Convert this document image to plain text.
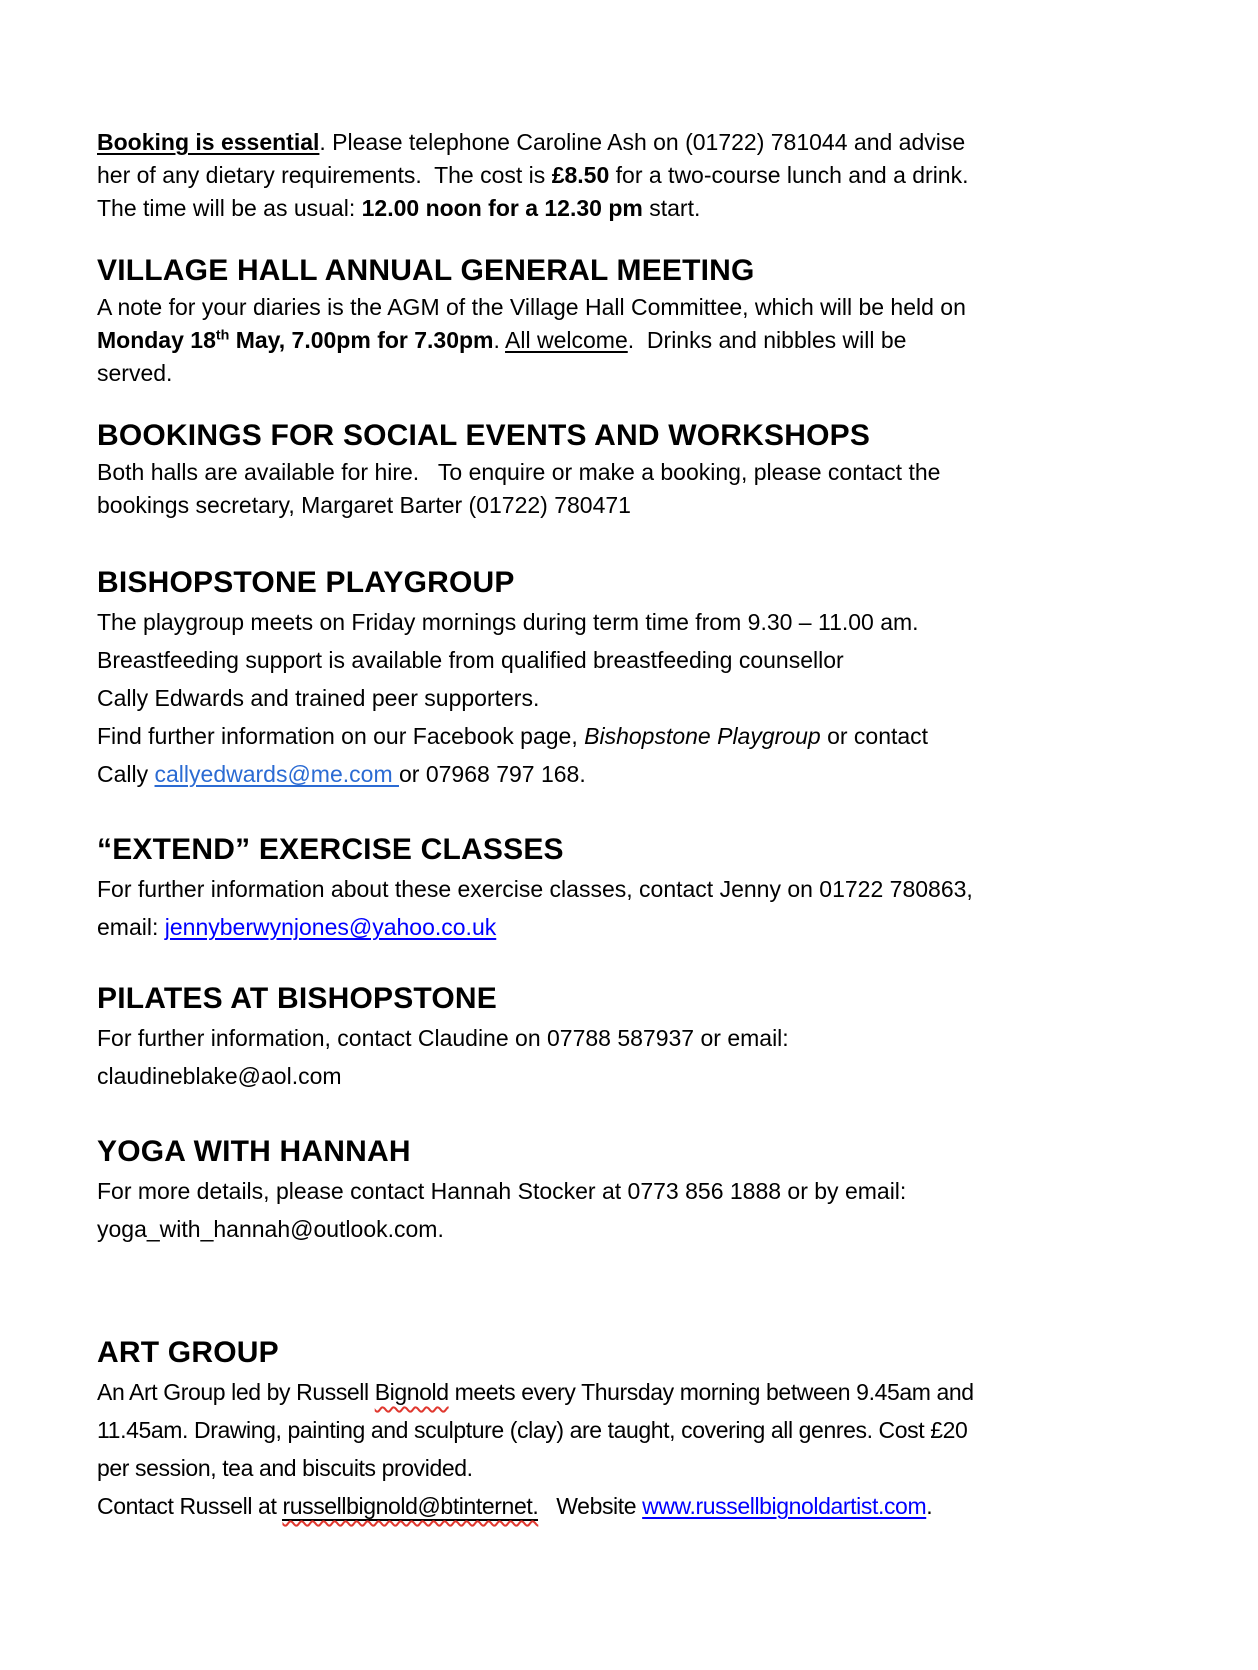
Booking is essential. Please telephone Caroline Ash on (01722) 781044 and advise
her of any dietary requirements.  The cost is £8.50 for a two-course lunch and a drink.
The time will be as usual: 12.00 noon for a 12.30 pm start.

VILLAGE HALL ANNUAL GENERAL MEETING

A note for your diaries is the AGM of the Village Hall Committee, which will be held on
Monday 18th May, 7.00pm for 7.30pm. All welcome.  Drinks and nibbles will be
served.

BOOKINGS FOR SOCIAL EVENTS AND WORKSHOPS

Both halls are available for hire.   To enquire or make a booking, please contact the
bookings secretary, Margaret Barter (01722) 780471

BISHOPSTONE PLAYGROUP

The playgroup meets on Friday mornings during term time from 9.30 – 11.00 am.
Breastfeeding support is available from qualified breastfeeding counsellor
Cally Edwards and trained peer supporters.
Find further information on our Facebook page, Bishopstone Playgroup or contact
Cally callyedwards@me.com or 07968 797 168.

“EXTEND” EXERCISE CLASSES

For further information about these exercise classes, contact Jenny on 01722 780863,
email: jennyberwynjones@yahoo.co.uk

PILATES AT BISHOPSTONE

For further information, contact Claudine on 07788 587937 or email:
claudineblake@aol.com

YOGA WITH HANNAH

For more details, please contact Hannah Stocker at 0773 856 1888 or by email:
yoga_with_hannah@outlook.com.

ART GROUP

An Art Group led by Russell Bignold meets every Thursday morning between 9.45am and
11.45am. Drawing, painting and sculpture (clay) are taught, covering all genres. Cost £20
per session, tea and biscuits provided.
Contact Russell at russellbignold@btinternet.   Website www.russellbignoldartist.com.
